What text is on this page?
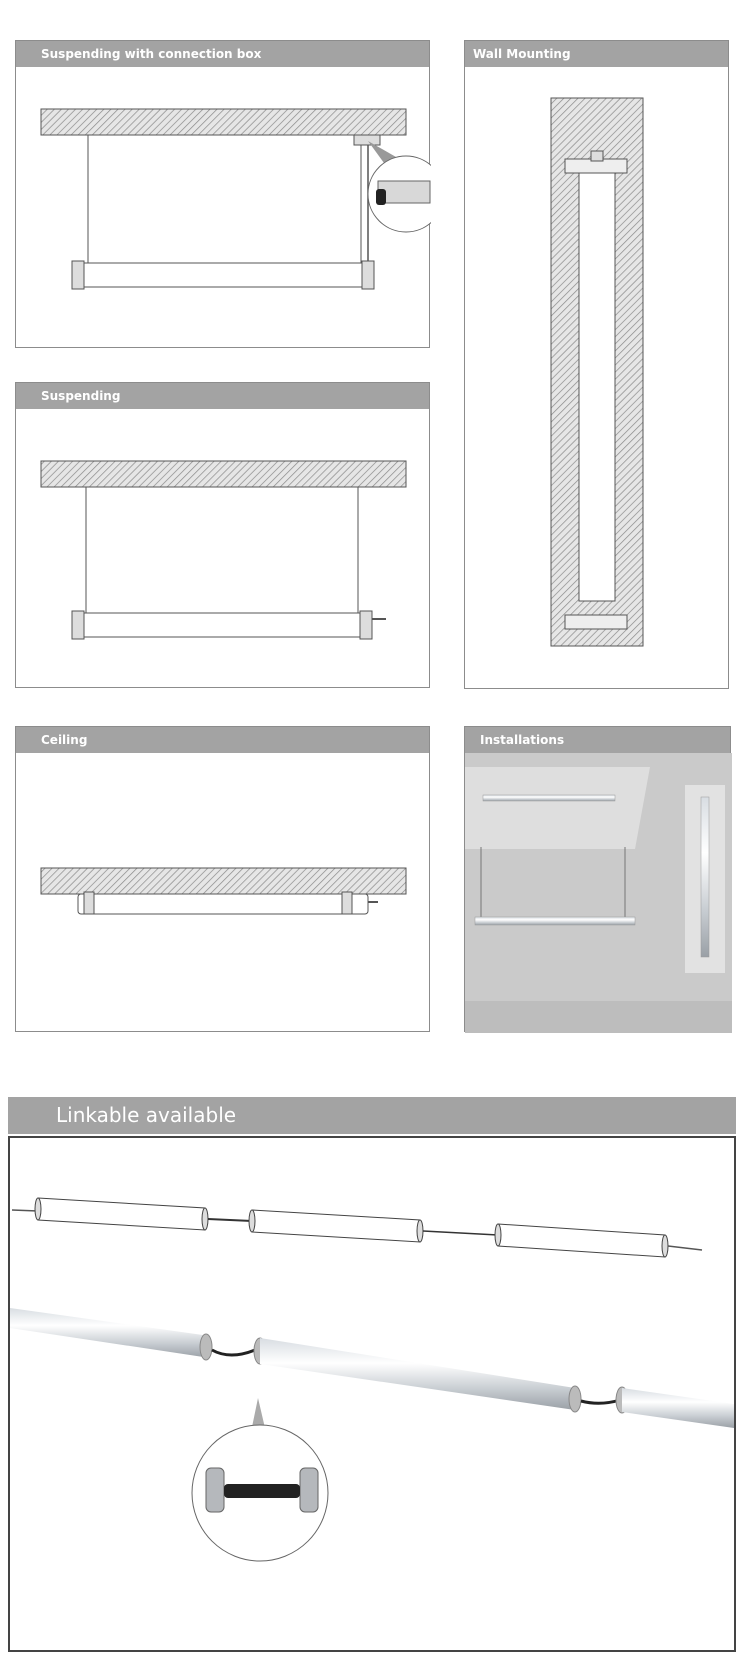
Suspending with connection box	Wall Mounting
Suspending
Ceiling	Installations
Linkable available
